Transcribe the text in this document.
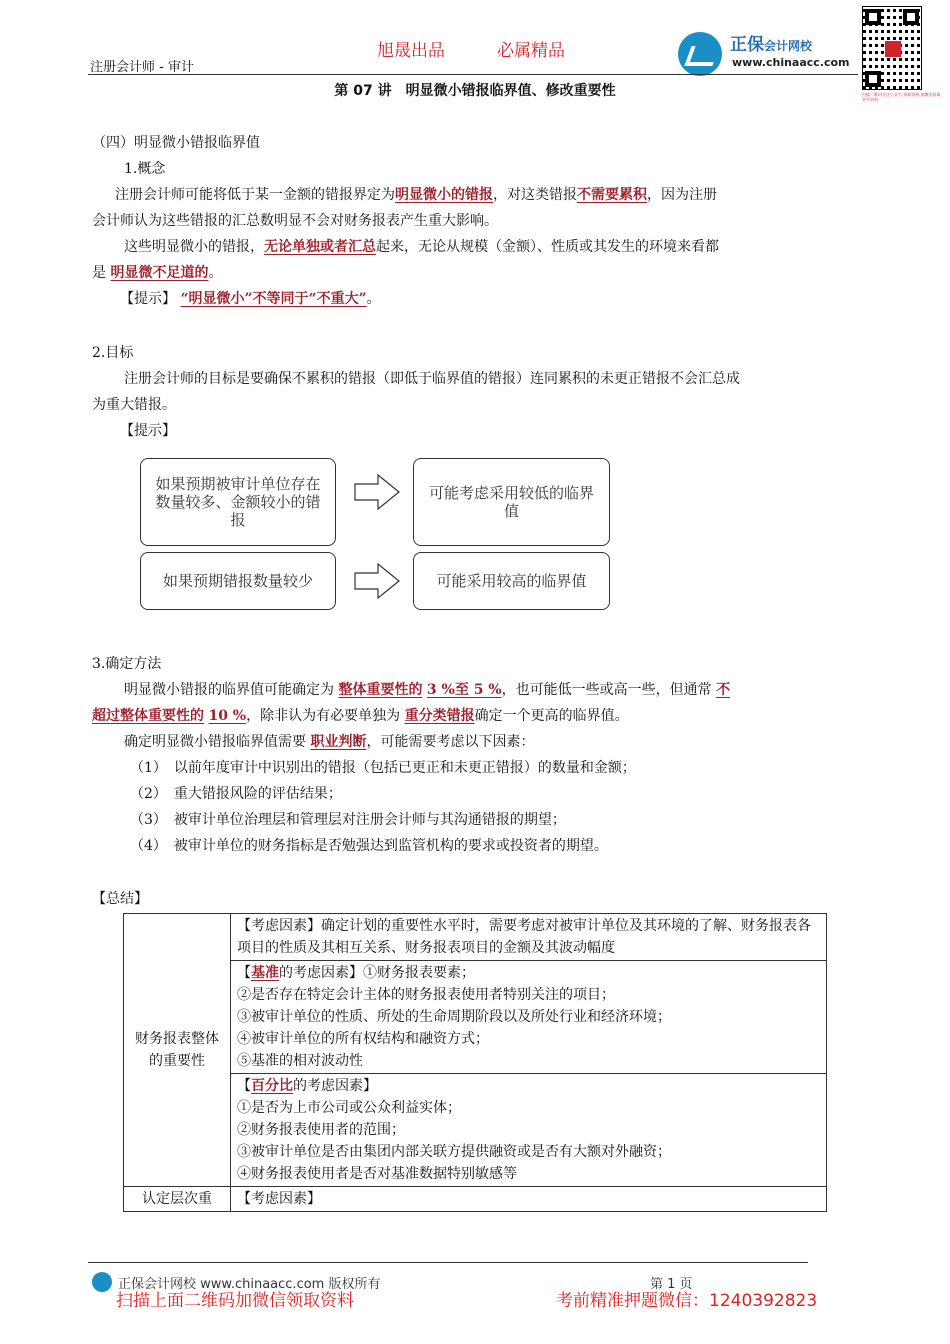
注册会计师 - 审计
旭晟出品	必属精品	正保会计网校
www.chinaacc.com
扫描二维码关注公众号 领取资料 加微信获取更多资料
第 07 讲　明显微小错报临界值、修改重要性
（四）明显微小错报临界值
1.概念
注册会计师可能将低于某一金额的错报界定为明显微小的错报，对这类错报不需要累积，因为注册
会计师认为这些错报的汇总数明显不会对财务报表产生重大影响。
这些明显微小的错报，无论单独或者汇总起来，无论从规模（金额）、性质或其发生的环境来看都
是 明显微不足道的。
【提示】 “明显微小”不等同于“不重大”。
2.目标
注册会计师的目标是要确保不累积的错报（即低于临界值的错报）连同累积的未更正错报不会汇总成
为重大错报。
【提示】
如果预期被审计单位存在数量较多、金额较小的错报
可能考虑采用较低的临界值
如果预期错报数量较少	可能采用较高的临界值
3.确定方法
明显微小错报的临界值可能确定为 整体重要性的 3 %至 5 %，也可能低一些或高一些，但通常 不
超过整体重要性的 10 %，除非认为有必要单独为 重分类错报确定一个更高的临界值。
确定明显微小错报临界值需要 职业判断，可能需要考虑以下因素：
（1）　以前年度审计中识别出的错报（包括已更正和未更正错报）的数量和金额；
（2）　重大错报风险的评估结果；
（3）　被审计单位治理层和管理层对注册会计师与其沟通错报的期望；
（4）　被审计单位的财务指标是否勉强达到监管机构的要求或投资者的期望。
【总结】
财务报表整体的重要性	【考虑因素】确定计划的重要性水平时，需要考虑对被审计单位及其环境的了解、财务报表各项目的性质及其相互关系、财务报表项目的金额及其波动幅度

	【基准的考虑因素】①财务报表要素；
②是否存在特定会计主体的财务报表使用者特别关注的项目；
③被审计单位的性质、所处的生命周期阶段以及所处行业和经济环境；
④被审计单位的所有权结构和融资方式；
⑤基准的相对波动性

	【百分比的考虑因素】
①是否为上市公司或公众利益实体；
②财务报表使用者的范围；
③被审计单位是否由集团内部关联方提供融资或是否有大额对外融资；
④财务报表使用者是否对基准数据特别敏感等

认定层次重	【考虑因素】
正保会计网校 www.chinaacc.com 版权所有	第 1 页
扫描上面二维码加微信领取资料	考前精准押题微信：1240392823
